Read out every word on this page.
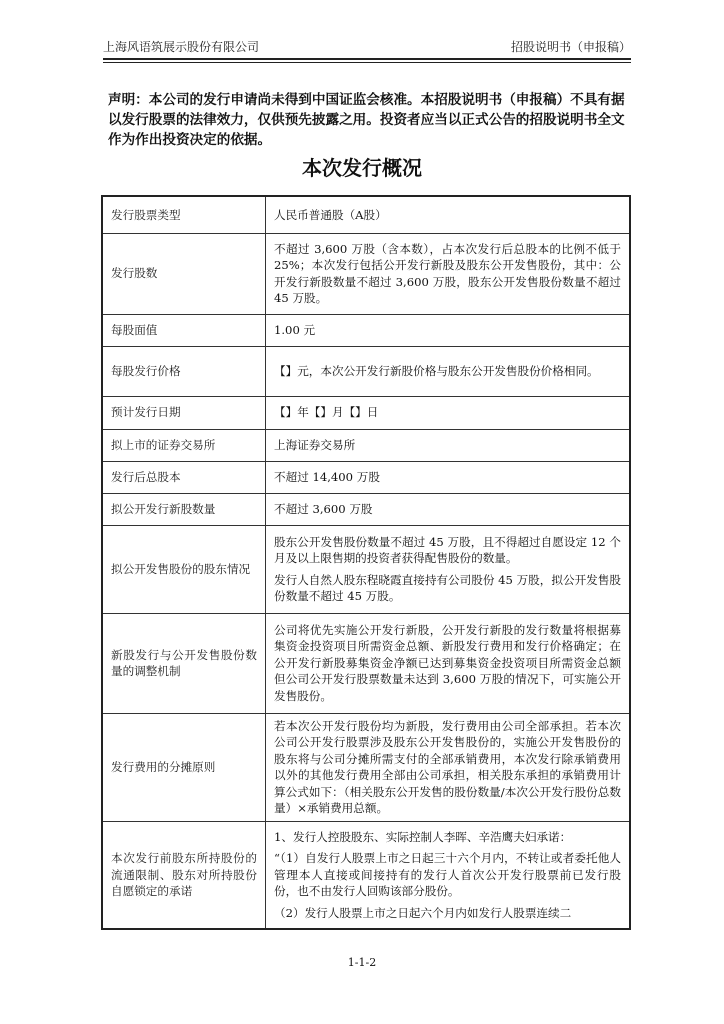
上海风语筑展示股份有限公司	招股说明书（申报稿）
声明：本公司的发行申请尚未得到中国证监会核准。本招股说明书（申报稿）不具有据以发行股票的法律效力，仅供预先披露之用。投资者应当以正式公告的招股说明书全文作为作出投资决定的依据。
本次发行概况
发行股票类型	人民币普通股（A股）

发行股数	不超过 3,600 万股（含本数），占本次发行后总股本的比例不低于 25%；本次发行包括公开发行新股及股东公开发售股份，其中：公开发行新股数量不超过 3,600 万股，股东公开发售股份数量不超过 45 万股。

每股面值	1.00 元

每股发行价格	【】元，本次公开发行新股价格与股东公开发售股份价格相同。

预计发行日期	【】年【】月【】日

拟上市的证券交易所	上海证券交易所

发行后总股本	不超过 14,400 万股

拟公开发行新股数量	不超过 3,600 万股

拟公开发售股份的股东情况	股东公开发售股份数量不超过 45 万股，且不得超过自愿设定 12 个月及以上限售期的投资者获得配售股份的数量。

发行人自然人股东程晓霞直接持有公司股份 45 万股，拟公开发售股份数量不超过 45 万股。

新股发行与公开发售股份数量的调整机制	公司将优先实施公开发行新股，公开发行新股的发行数量将根据募集资金投资项目所需资金总额、新股发行费用和发行价格确定；在公开发行新股募集资金净额已达到募集资金投资项目所需资金总额但公司公开发行股票数量未达到 3,600 万股的情况下，可实施公开发售股份。

发行费用的分摊原则	若本次公开发行股份均为新股，发行费用由公司全部承担。若本次公司公开发行股票涉及股东公开发售股份的，实施公开发售股份的股东将与公司分摊所需支付的全部承销费用，本次发行除承销费用以外的其他发行费用全部由公司承担，相关股东承担的承销费用计算公式如下：（相关股东公开发售的股份数量/本次公开发行股份总数量）×承销费用总额。

本次发行前股东所持股份的流通限制、股东对所持股份自愿锁定的承诺	1、发行人控股股东、实际控制人李晖、辛浩鹰夫妇承诺：

“（1）自发行人股票上市之日起三十六个月内，不转让或者委托他人管理本人直接或间接持有的发行人首次公开发行股票前已发行股份，也不由发行人回购该部分股份。

（2）发行人股票上市之日起六个月内如发行人股票连续二

1-1-2
